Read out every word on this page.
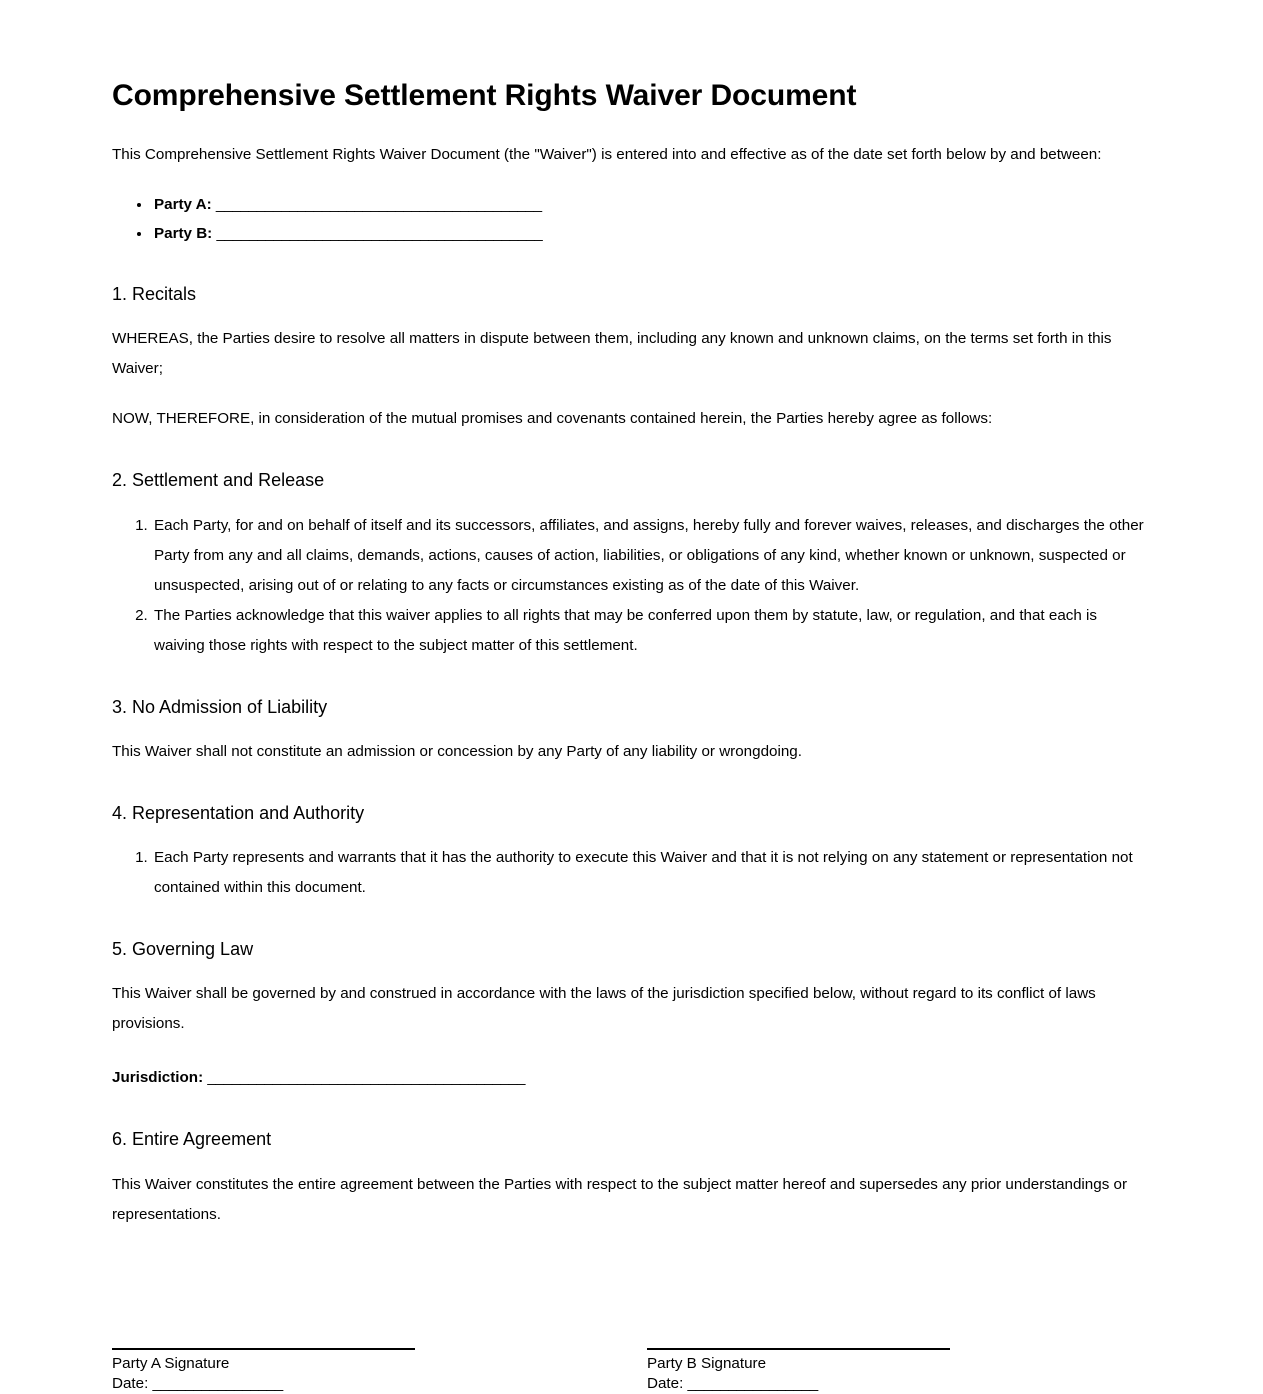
Comprehensive Settlement Rights Waiver Document

This Comprehensive Settlement Rights Waiver Document (the "Waiver") is entered into and effective as of the date set forth below by and between:

• Party A: ________________________________________
• Party B: ________________________________________
1. Recitals

WHEREAS, the Parties desire to resolve all matters in dispute between them, including any known and unknown claims, on the terms set forth in this Waiver;

NOW, THEREFORE, in consideration of the mutual promises and covenants contained herein, the Parties hereby agree as follows:

2. Settlement and Release
1. Each Party, for and on behalf of itself and its successors, affiliates, and assigns, hereby fully and forever waives, releases, and discharges the other Party from any and all claims, demands, actions, causes of action, liabilities, or obligations of any kind, whether known or unknown, suspected or unsuspected, arising out of or relating to any facts or circumstances existing as of the date of this Waiver.
2. The Parties acknowledge that this waiver applies to all rights that may be conferred upon them by statute, law, or regulation, and that each is waiving those rights with respect to the subject matter of this settlement.
3. No Admission of Liability

This Waiver shall not constitute an admission or concession by any Party of any liability or wrongdoing.

4. Representation and Authority
1. Each Party represents and warrants that it has the authority to execute this Waiver and that it is not relying on any statement or representation not contained within this document.
5. Governing Law

This Waiver shall be governed by and construed in accordance with the laws of the jurisdiction specified below, without regard to its conflict of laws provisions.

Jurisdiction: _______________________________________
6. Entire Agreement

This Waiver constitutes the entire agreement between the Parties with respect to the subject matter hereof and supersedes any prior understandings or representations.

Party A Signature
Date: ________________
Party B Signature
Date: ________________
